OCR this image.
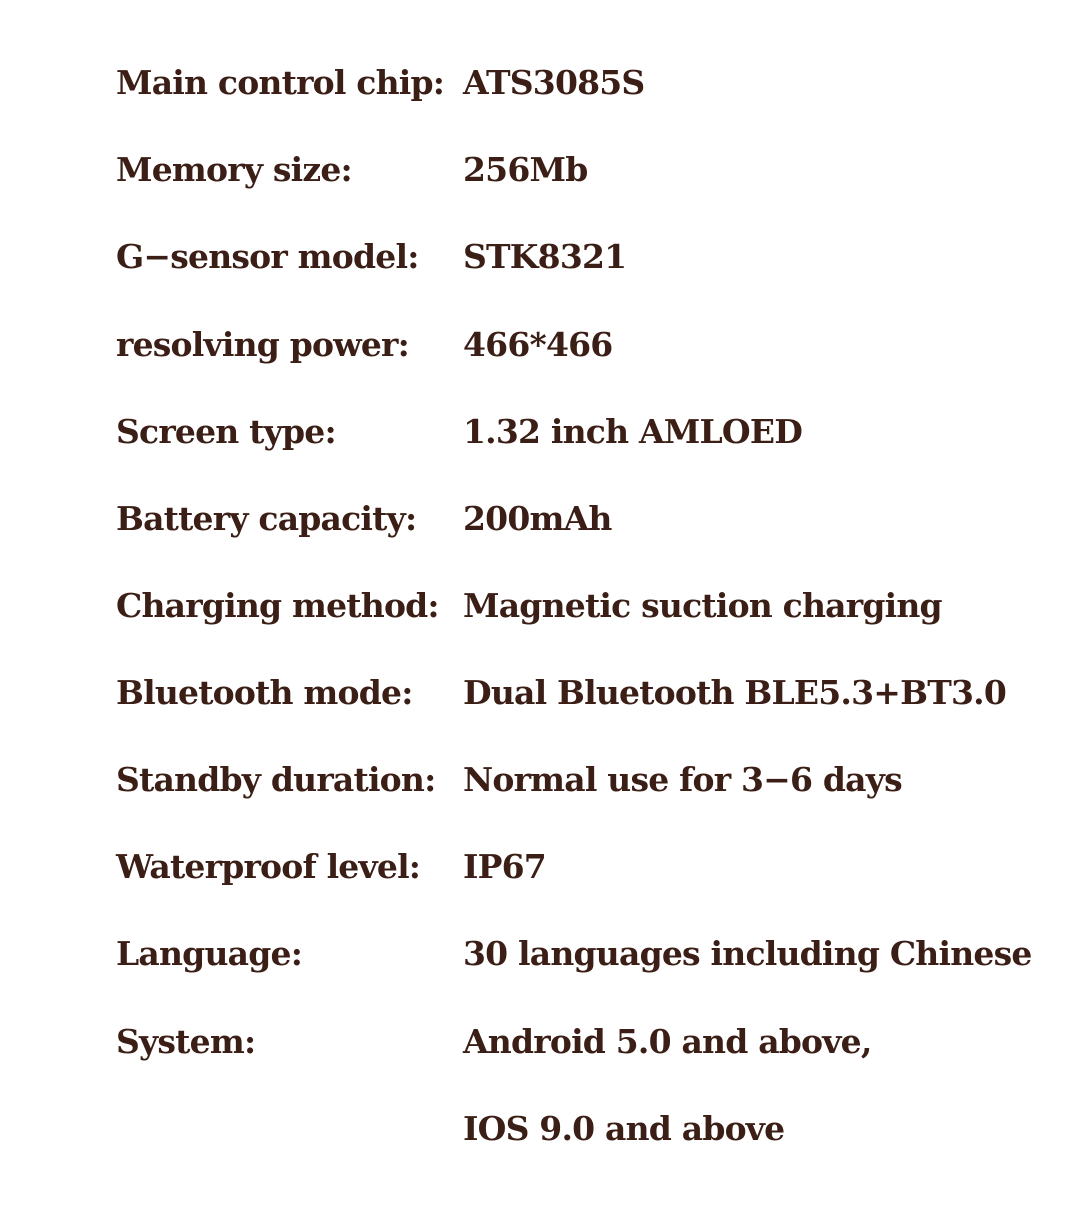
Main control chip: ATS3085S
Memory size:	256Mb
G−sensor model: STK8321
resolving power: 466*466
Screen type:	1.32 inch AMLOED
Battery capacity: 200mAh
Charging method: Magnetic suction charging
Bluetooth mode: Dual Bluetooth BLE5.3+BT3.0
Standby duration: Normal use for 3−6 days
Waterproof level: IP67
Language:	30 languages including Chinese
System:	Android 5.0 and above,
IOS 9.0 and above
